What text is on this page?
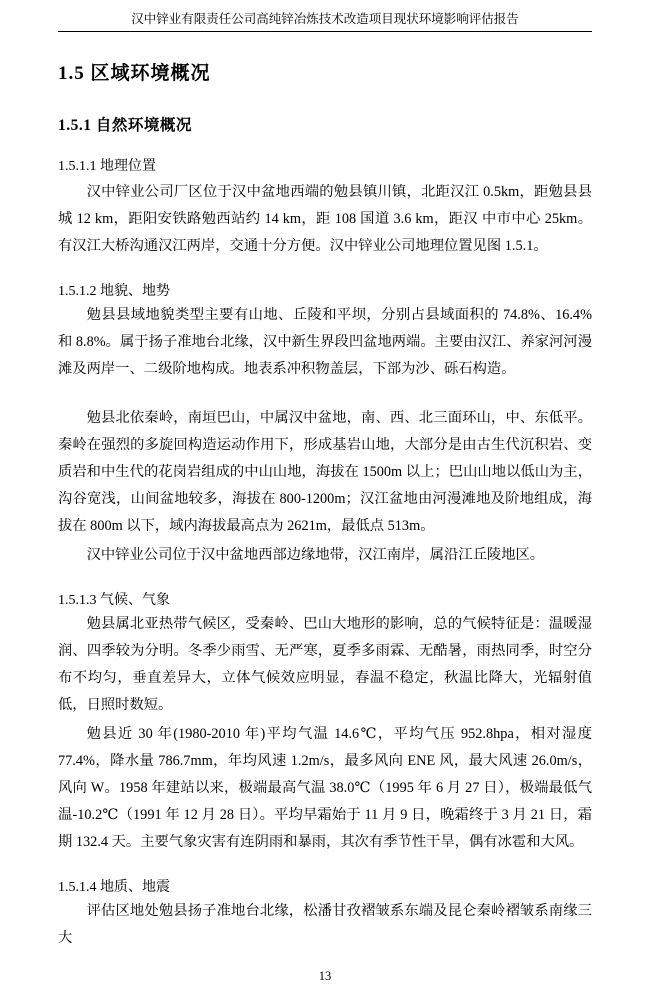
汉中锌业有限责任公司高纯锌冶炼技术改造项目现状环境影响评估报告
1.5 区域环境概况
1.5.1 自然环境概况
1.5.1.1 地理位置

汉中锌业公司厂区位于汉中盆地西端的勉县镇川镇，北距汉江 0.5km，距勉县县城 12 km，距阳安铁路勉西站约 14 km，距 108 国道 3.6 km，距汉 中市中心 25km。有汉江大桥沟通汉江两岸，交通十分方便。汉中锌业公司地理位置见图 1.5.1。

1.5.1.2 地貌、地势

勉县县域地貌类型主要有山地、丘陵和平坝，分别占县域面积的 74.8%、16.4%和 8.8%。属于扬子准地台北缘，汉中新生界段凹盆地两端。主要由汉江、养家河河漫滩及两岸一、二级阶地构成。地表系冲积物盖层，下部为沙、砾石构造。

勉县北依秦岭，南垣巴山，中属汉中盆地，南、西、北三面环山，中、东低平。秦岭在强烈的多旋回构造运动作用下，形成基岩山地，大部分是由古生代沉积岩、变质岩和中生代的花岗岩组成的中山山地，海拔在 1500m 以上；巴山山地以低山为主，沟谷宽浅，山间盆地较多，海拔在 800-1200m；汉江盆地由河漫滩地及阶地组成，海拔在 800m 以下，域内海拔最高点为 2621m，最低点 513m。

汉中锌业公司位于汉中盆地西部边缘地带，汉江南岸，属沿江丘陵地区。

1.5.1.3 气候、气象

勉县属北亚热带气候区，受秦岭、巴山大地形的影响，总的气候特征是：温暖湿润、四季较为分明。冬季少雨雪、无严寒，夏季多雨霖、无酷暑，雨热同季，时空分布不均匀，垂直差异大，立体气候效应明显，春温不稳定，秋温比降大，光辐射值低，日照时数短。

勉县近 30 年(1980-2010 年)平均气温 14.6℃，平均气压 952.8hpa，相对湿度 77.4%，降水量 786.7mm，年均风速 1.2m/s，最多风向 ENE 风，最大风速 26.0m/s，风向 W。1958 年建站以来，极端最高气温 38.0℃（1995 年 6 月 27 日），极端最低气温-10.2℃（1991 年 12 月 28 日）。平均早霜始于 11 月 9 日，晚霜终于 3 月 21 日，霜期 132.4 天。主要气象灾害有连阴雨和暴雨，其次有季节性干旱，偶有冰雹和大风。

1.5.1.4 地质、地震

评估区地处勉县扬子准地台北缘，松潘甘孜褶皱系东端及昆仑秦岭褶皱系南缘三大

13
